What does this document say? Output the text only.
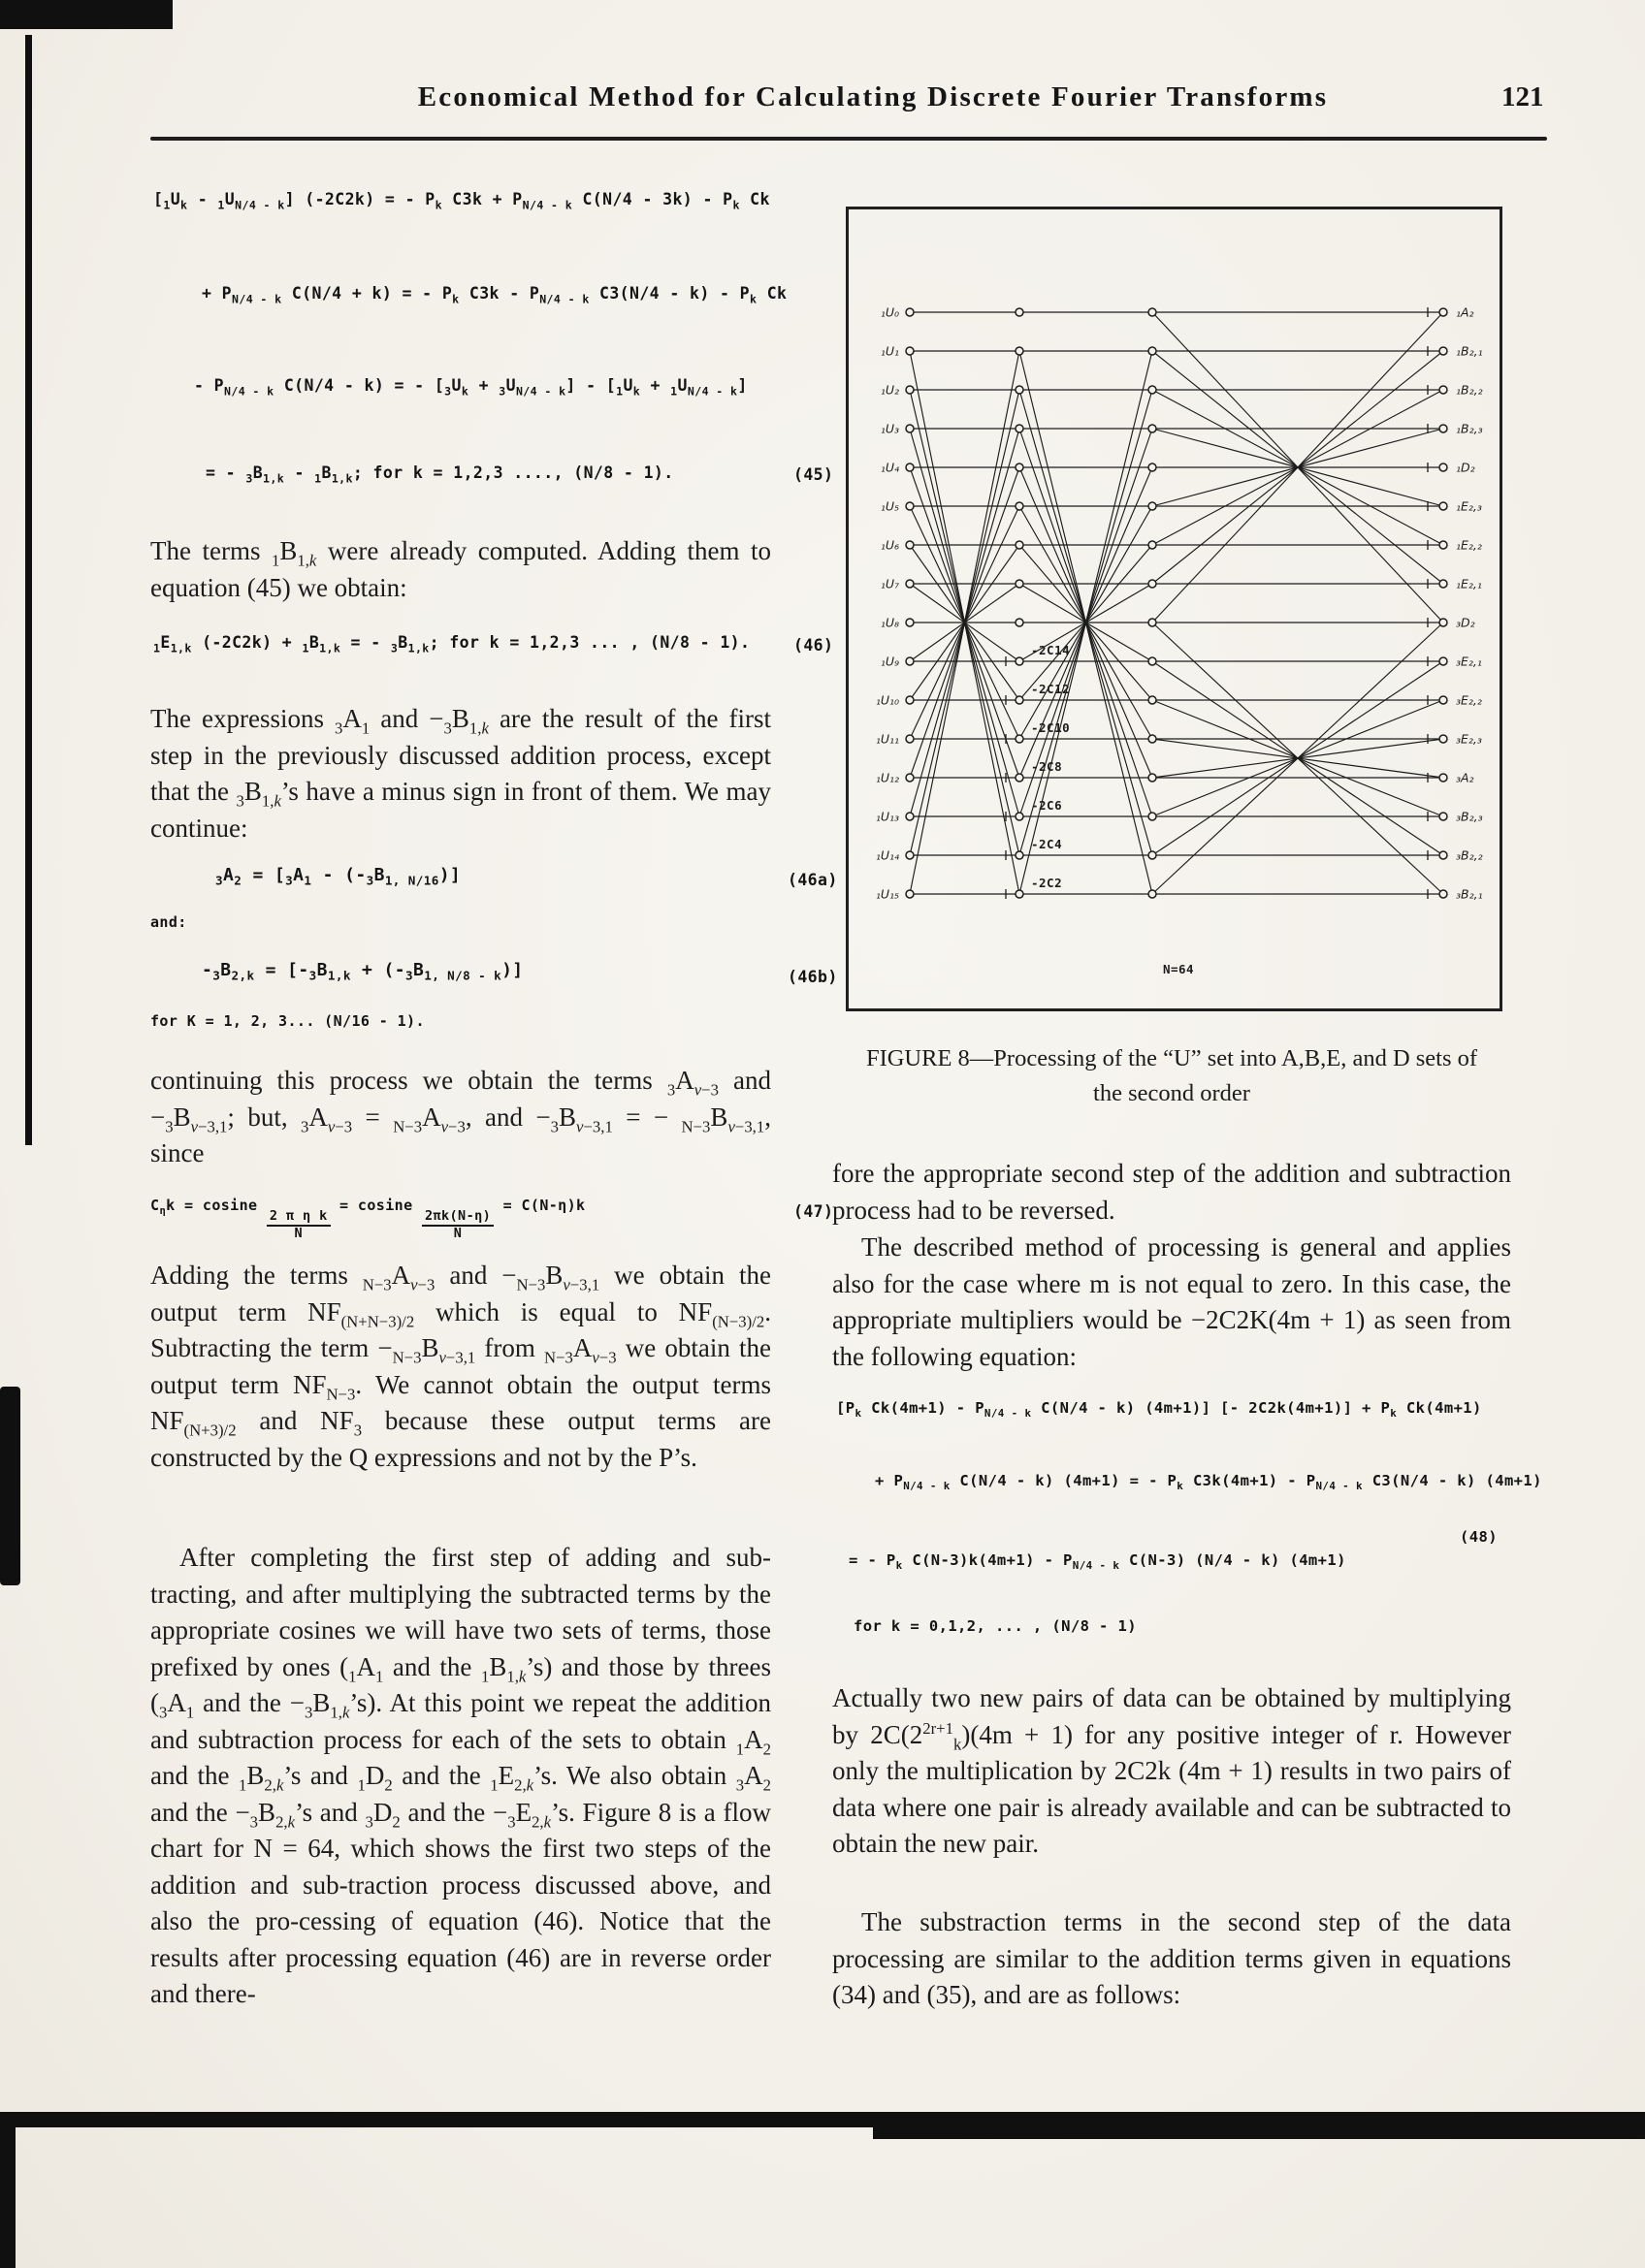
Economical Method for Calculating Discrete Fourier Transforms	121
$[_1U_k - _1U_{N/4 - k}] (-2C2k)$ = - $P_k$ $C3k + P_{N/4 - k}$ $C(N/4 - 3k) - P_k$ Ck
+ $P_{N/4 - k}$ C(N/4 + k) = - $P_k$ $C3k - P_{N/4 - k}$ $C3(N/4 - k) - P_k$ Ck
- $P_{N/4 - k}$ C(N/4 - k) = - $[_3U_k + _3U_{N/4 - k}] - [_1U_k + _1U_{N/4 - k}]$
= - $_3B_{1,k} - _1B_{1,k}$; for k = 1,2,3 ...., (N/8 - 1).	(45)
The terms $_1B_{1,k}$ were already computed. Adding them to equation (45) we obtain:
$_1E_{1,k}$ $(-2C2k) + _1B_{1,k}$ = - $_3B_{1,k}$; for k = 1,2,3 ... , (N/8 - 1).	(46)
The expressions $_3A_1$ and $-_3B_{1,k}$ are the result of the first step in the previously discussed addition process, except that the $_3B_{1,k}’s$ have a minus sign in front of them. We may continue:
$_3A_2 = [_3A_1 - (-_3B_{1, N/16})]$	(46a)
and:
$-_3B_{2,k} = [-_3B_{1,k} + (-_3B_{1, N/8 - k})]$	(46b)
for K = 1, 2, 3... (N/16 - 1).
continuing this process we obtain the terms $_3A_{v-3}$ and $-_3B_{v-3,1}$; but, $_3A_{v-3} = _{N-3}A_{v-3}$, and $-_3B_{v-3,1}$ = − $_{N-3}B_{v-3,1}$, since
$C_\eta k = cosine$
$\frac{\text{2 π η k}}{N}$
= cosine
$\frac{2\pi k(N-\eta)}{N}$
= C(N-η)k	(47)
Adding the terms $_{N-3}A_{v-3}$ and $-_{N-3}B_{v-3,1}$ we obtain the output term $NF_{(N+N-3)/2}$ which is equal to $NF_{(N-3)/2}$. Subtracting the term $-_{N-3}B_{v-3,1}$ from $_{N-3}A_{v-3}$ we obtain the output term $NF_{N-3}$. We cannot obtain the output terms $NF_{(N+3)/2}$ and $NF_3$ because these output terms are constructed by the Q expressions and not by the P’s.
After completing the first step of adding and sub-tracting, and after multiplying the subtracted terms by the appropriate cosines we will have two sets of terms, those prefixed by ones ($_1A_1$ and the $_1B_{1,k}’s$) and those by threes ($_3A_1$ and the $-_3B_{1,k}’s$). At this point we repeat the addition and subtraction process for each of the sets to obtain $_1A_2$ and the $_1B_{2,k}’s$ and $_1D_2$ and the $_1E_{2,k}’s$. We also obtain $_3A_2$ and the $-_3B_{2,k}’s$ and $_3D_2$ and the $-_3E_{2,k}’s$. Figure 8 is a flow chart for N = 64, which shows the first two steps of the addition and sub-traction process discussed above, and also the pro-cessing of equation (46). Notice that the results after processing equation (46) are in reverse order and there-
₁U₀
₁U₁
₁U₂
₁U₃
₁U₄
₁U₅
₁U₆
₁U₇
₁U₈
₁U₉
₁U₁₀
₁U₁₁
₁U₁₂
₁U₁₃
₁U₁₄
₁U₁₅
₁A₂
₁B₂,₁
₁B₂,₂
₁B₂,₃
₁D₂
₁E₂,₃
₁E₂,₂
₁E₂,₁
₃D₂
₃E₂,₁
₃E₂,₂
₃E₂,₃
₃A₂
₃B₂,₃
₃B₂,₂
₃B₂,₁
-2C14
-2C12
-2C10
-2C8
-2C6
-2C4
-2C2
N=64
FIGURE 8—Processing of the “U” set into A,B,E, and D sets of
the second order
fore the appropriate second step of the addition and subtraction process had to be reversed.
The described method of processing is general and applies also for the case where m is not equal to zero. In this case, the appropriate multipliers would be −2C2K(4m + 1) as seen from the following equation:
[$P_k$ $Ck(4m+1) - P_{N/4 - k}$ C(N/4 - k) (4m+1)] [- $2C2k(4m+1)] + P_k$ Ck(4m+1)
+ $P_{N/4 - k}$ C(N/4 - k) (4m+1) = - $P_k$ $C3k(4m+1) - P_{N/4 - k}$ C3(N/4 - k) (4m+1)
= - $P_k$ $C(N-3)k(4m+1) - P_{N/4 - k}$ C(N-3) (N/4 - k) (4m+1)
(48)
for k = 0,1,2, ... , (N/8 - 1)
Actually two new pairs of data can be obtained by multiplying by $2C(2^{2r+1}_k)(4m + 1)$ for any positive integer of r. However only the multiplication by 2C2k (4m + 1) results in two pairs of data where one pair is already available and can be subtracted to obtain the new pair.
The substraction terms in the second step of the data processing are similar to the addition terms given in equations (34) and (35), and are as follows:
